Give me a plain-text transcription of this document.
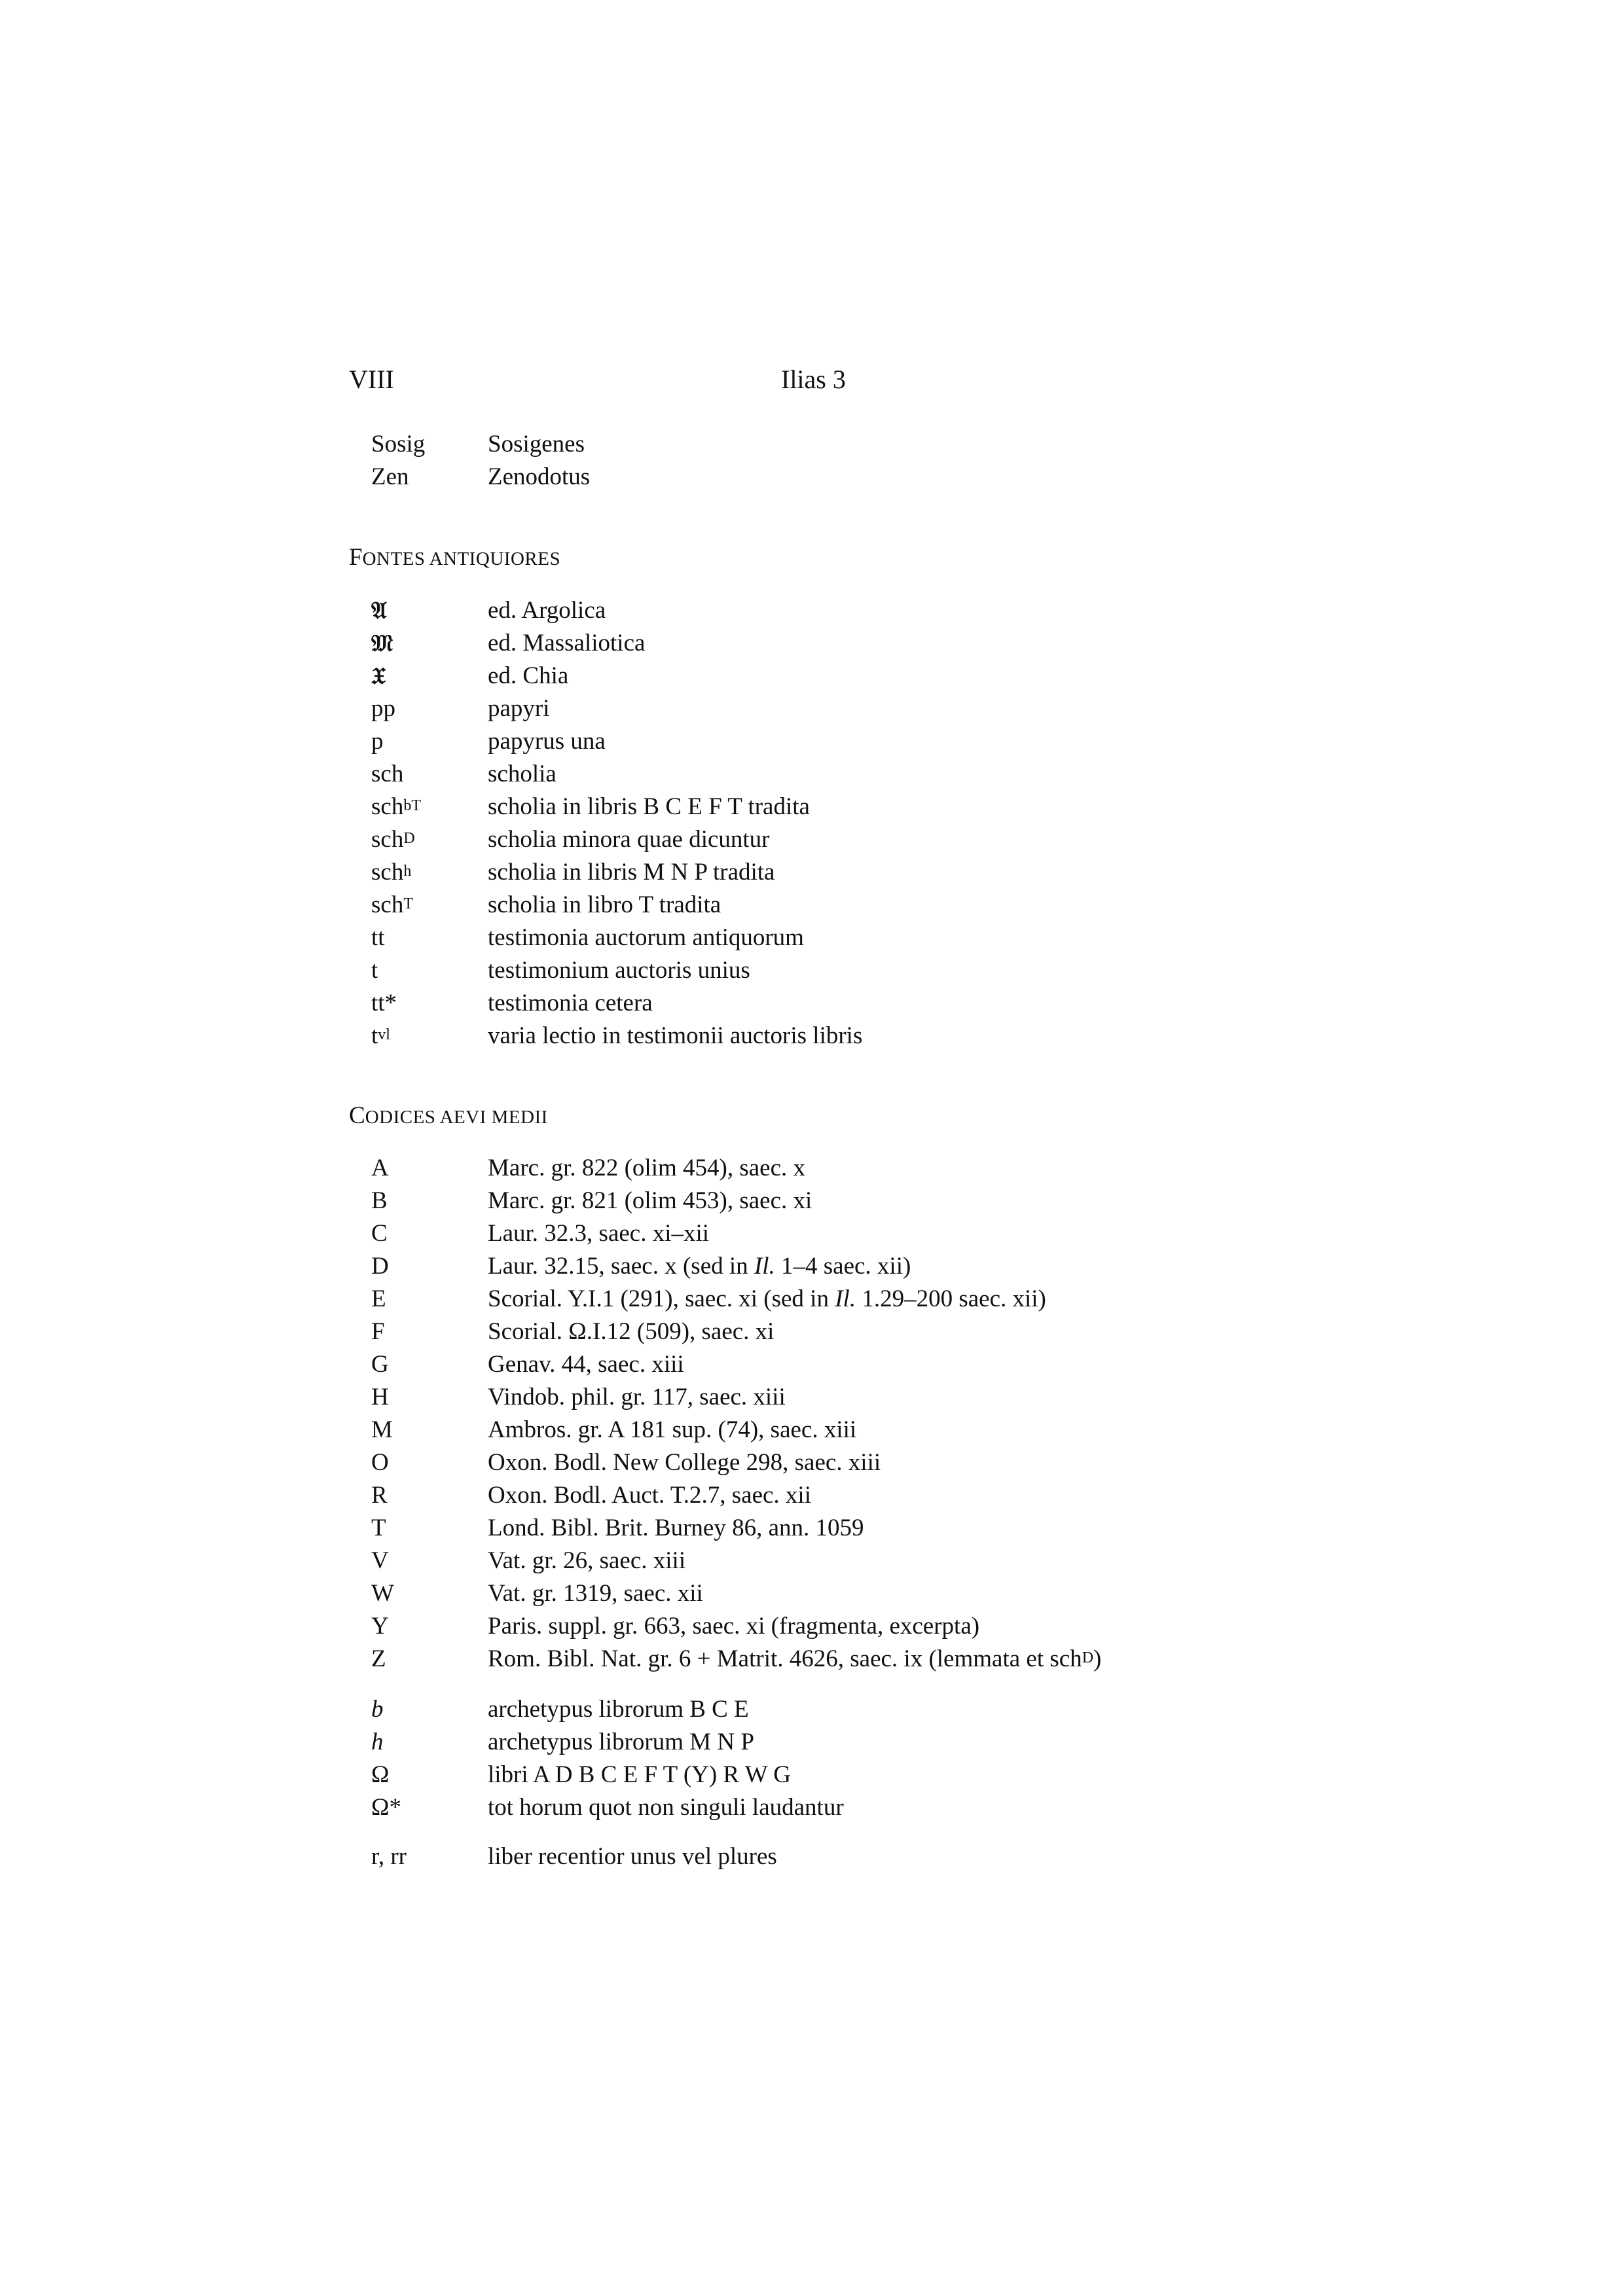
VIII	Ilias 3
Sosig	Sosigenes
Zen	Zenodotus
FONTES ANTIQUIORES
𝔄	ed. Argolica
𝔐	ed. Massaliotica
𝔛	ed. Chia
pp	papyri
p	papyrus una
sch	scholia
sch$^{bT}$	scholia in libris B C E F T tradita
sch$^D$	scholia minora quae dicuntur
sch$^h$	scholia in libris M N P tradita
sch$^T$	scholia in libro T tradita
tt	testimonia auctorum antiquorum
t	testimonium auctoris unius
tt*	testimonia cetera
$t^{vl}$	varia lectio in testimonii auctoris libris
CODICES AEVI MEDII
A	Marc. gr. 822 (olim 454), saec. x
B	Marc. gr. 821 (olim 453), saec. xi
C	Laur. 32.3, saec. xi–xii
D	Laur. 32.15, saec. x (sed in Il. 1–4 saec. xii)
E	Scorial. Y.I.1 (291), saec. xi (sed in Il. 1.29–200 saec. xii)
F	Scorial. Ω.I.12 (509), saec. xi
G	Genav. 44, saec. xiii
H	Vindob. phil. gr. 117, saec. xiii
M	Ambros. gr. A 181 sup. (74), saec. xiii
O	Oxon. Bodl. New College 298, saec. xiii
R	Oxon. Bodl. Auct. T.2.7, saec. xii
T	Lond. Bibl. Brit. Burney 86, ann. 1059
V	Vat. gr. 26, saec. xiii
W	Vat. gr. 1319, saec. xii
Y	Paris. suppl. gr. 663, saec. xi (fragmenta, excerpta)
Z	Rom. Bibl. Nat. gr. 6 + Matrit. 4626, saec. ix (lemmata et sch$^D$)
b	archetypus librorum B C E
h	archetypus librorum M N P
Ω	libri A D B C E F T (Y) R W G
Ω*	tot horum quot non singuli laudantur
r, rr	liber recentior unus vel plures
